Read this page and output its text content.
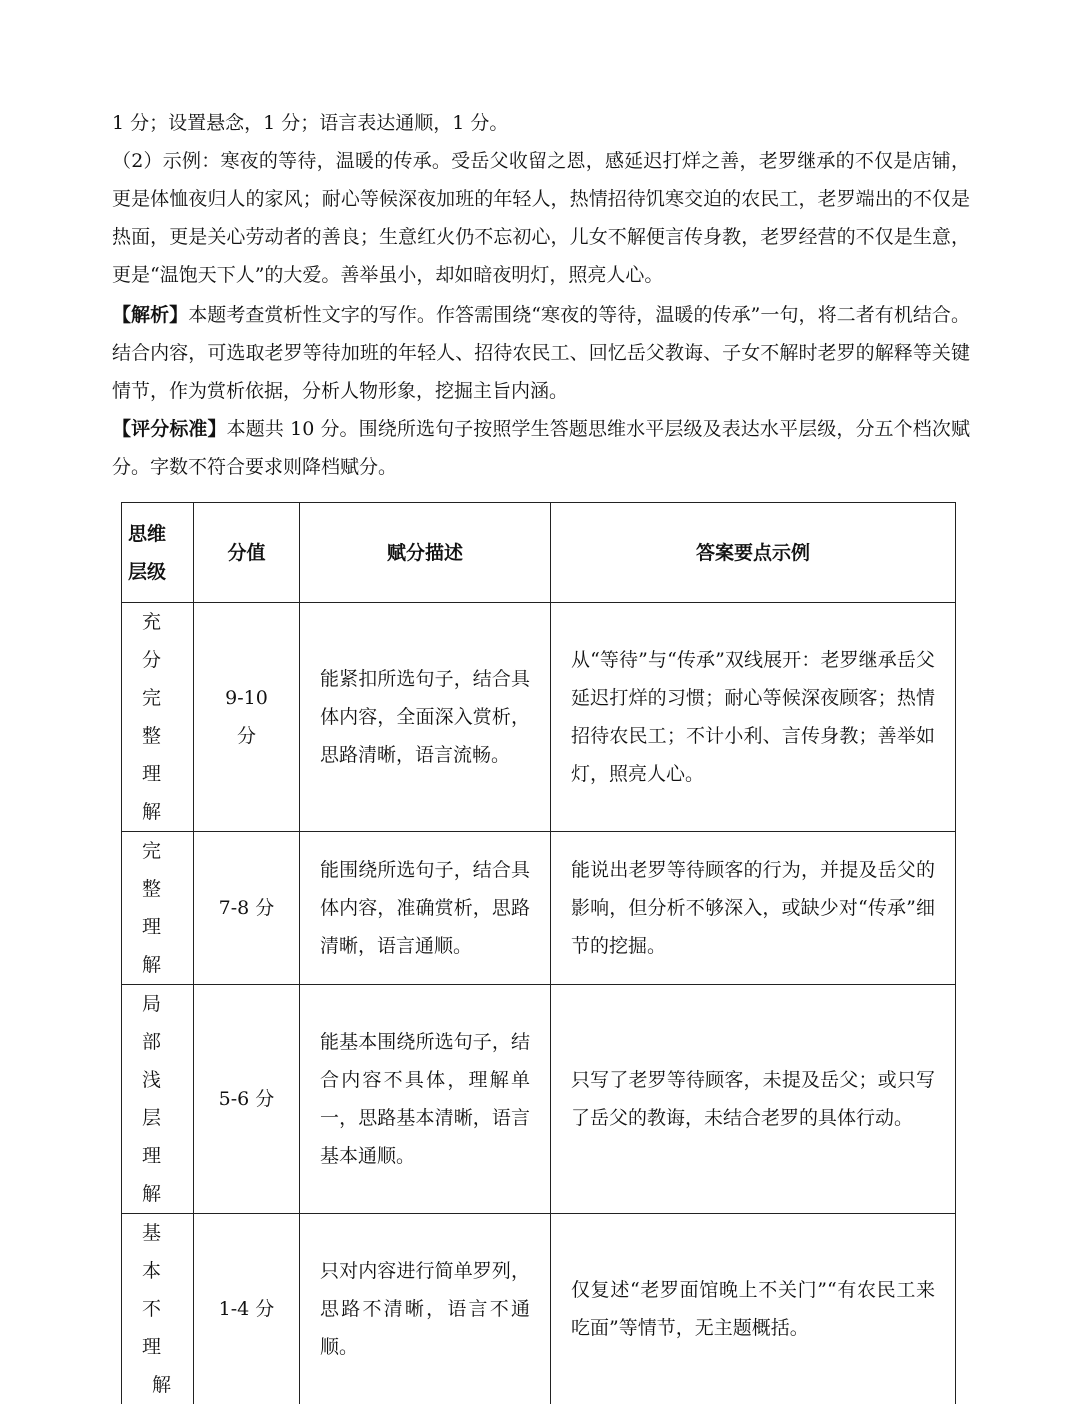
1 分；设置悬念，1 分；语言表达通顺，1 分。

（2）示例：寒夜的等待，温暖的传承。受岳父收留之恩，感延迟打烊之善，老罗继承的不仅是店铺，更是体恤夜归人的家风；耐心等候深夜加班的年轻人，热情招待饥寒交迫的农民工，老罗端出的不仅是热面，更是关心劳动者的善良；生意红火仍不忘初心，儿女不解便言传身教，老罗经营的不仅是生意，更是“温饱天下人”的大爱。善举虽小，却如暗夜明灯，照亮人心。

【解析】本题考查赏析性文字的写作。作答需围绕“寒夜的等待，温暖的传承”一句，将二者有机结合。结合内容，可选取老罗等待加班的年轻人、招待农民工、回忆岳父教诲、子女不解时老罗的解释等关键情节，作为赏析依据，分析人物形象，挖掘主旨内涵。

【评分标准】本题共 10 分。围绕所选句子按照学生答题思维水平层级及表达水平层级，分五个档次赋分。字数不符合要求则降档赋分。

思维
层级	分值	赋分描述	答案要点示例

充分
完整
理解	9-10 分	能紧扣所选句子，结合具体内容，全面深入赏析，思路清晰，语言流畅。	从“等待”与“传承”双线展开：老罗继承岳父延迟打烊的习惯；耐心等候深夜顾客；热情招待农民工；不计小利、言传身教；善举如灯，照亮人心。

完整
理解	7-8 分	能围绕所选句子，结合具体内容，准确赏析，思路清晰，语言通顺。	能说出老罗等待顾客的行为，并提及岳父的影响，但分析不够深入，或缺少对“传承”细节的挖掘。

局部
浅层
理解	5-6 分	能基本围绕所选句子，结合内容不具体，理解单一，思路基本清晰，语言基本通顺。	只写了老罗等待顾客，未提及岳父；或只写了岳父的教诲，未结合老罗的具体行动。

基本
不理
解	1-4 分	只对内容进行简单罗列，思路不清晰，语言不通顺。	仅复述“老罗面馆晚上不关门”“有农民工来吃面”等情节，无主题概括。
